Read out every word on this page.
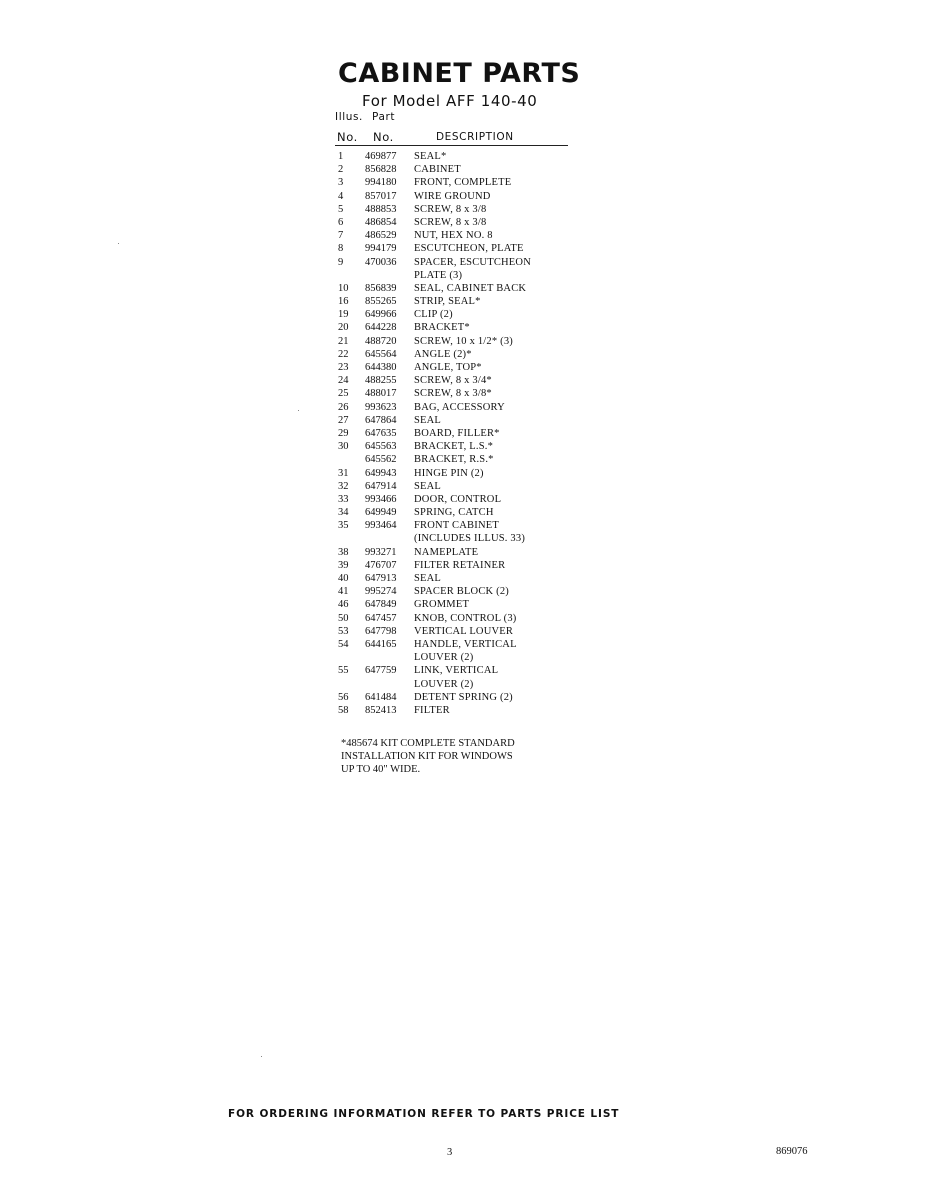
CABINET PARTS
For Model AFF 140-40
Illus. Part
No. No.	DESCRIPTION
1	469877	SEAL*
2	856828	CABINET
3	994180	FRONT, COMPLETE
4	857017	WIRE GROUND
5	488853	SCREW, 8 x 3/8
6	486854	SCREW, 8 x 3/8
7	486529	NUT, HEX NO. 8
8	994179	ESCUTCHEON, PLATE
9	470036	SPACER, ESCUTCHEON
PLATE (3)
10	856839	SEAL, CABINET BACK
16	855265	STRIP, SEAL*
19	649966	CLIP (2)
20	644228	BRACKET*
21	488720	SCREW, 10 x 1/2* (3)
22	645564	ANGLE (2)*
23	644380	ANGLE, TOP*
24	488255	SCREW, 8 x 3/4*
25	488017	SCREW, 8 x 3/8*
26	993623	BAG, ACCESSORY
27	647864	SEAL
29	647635	BOARD, FILLER*
30	645563	BRACKET, L.S.*
645562	BRACKET, R.S.*
31	649943	HINGE PIN (2)
32	647914	SEAL
33	993466	DOOR, CONTROL
34	649949	SPRING, CATCH
35	993464	FRONT CABINET
(INCLUDES ILLUS. 33)
38	993271	NAMEPLATE
39	476707	FILTER RETAINER
40	647913	SEAL
41	995274	SPACER BLOCK (2)
46	647849	GROMMET
50	647457	KNOB, CONTROL (3)
53	647798	VERTICAL LOUVER
54	644165	HANDLE, VERTICAL
LOUVER (2)
55	647759	LINK, VERTICAL
LOUVER (2)
56	641484	DETENT SPRING (2)
58	852413	FILTER
*485674 KIT COMPLETE STANDARD
INSTALLATION KIT FOR WINDOWS
UP TO 40" WIDE.
FOR ORDERING INFORMATION REFER TO PARTS PRICE LIST
3	869076
